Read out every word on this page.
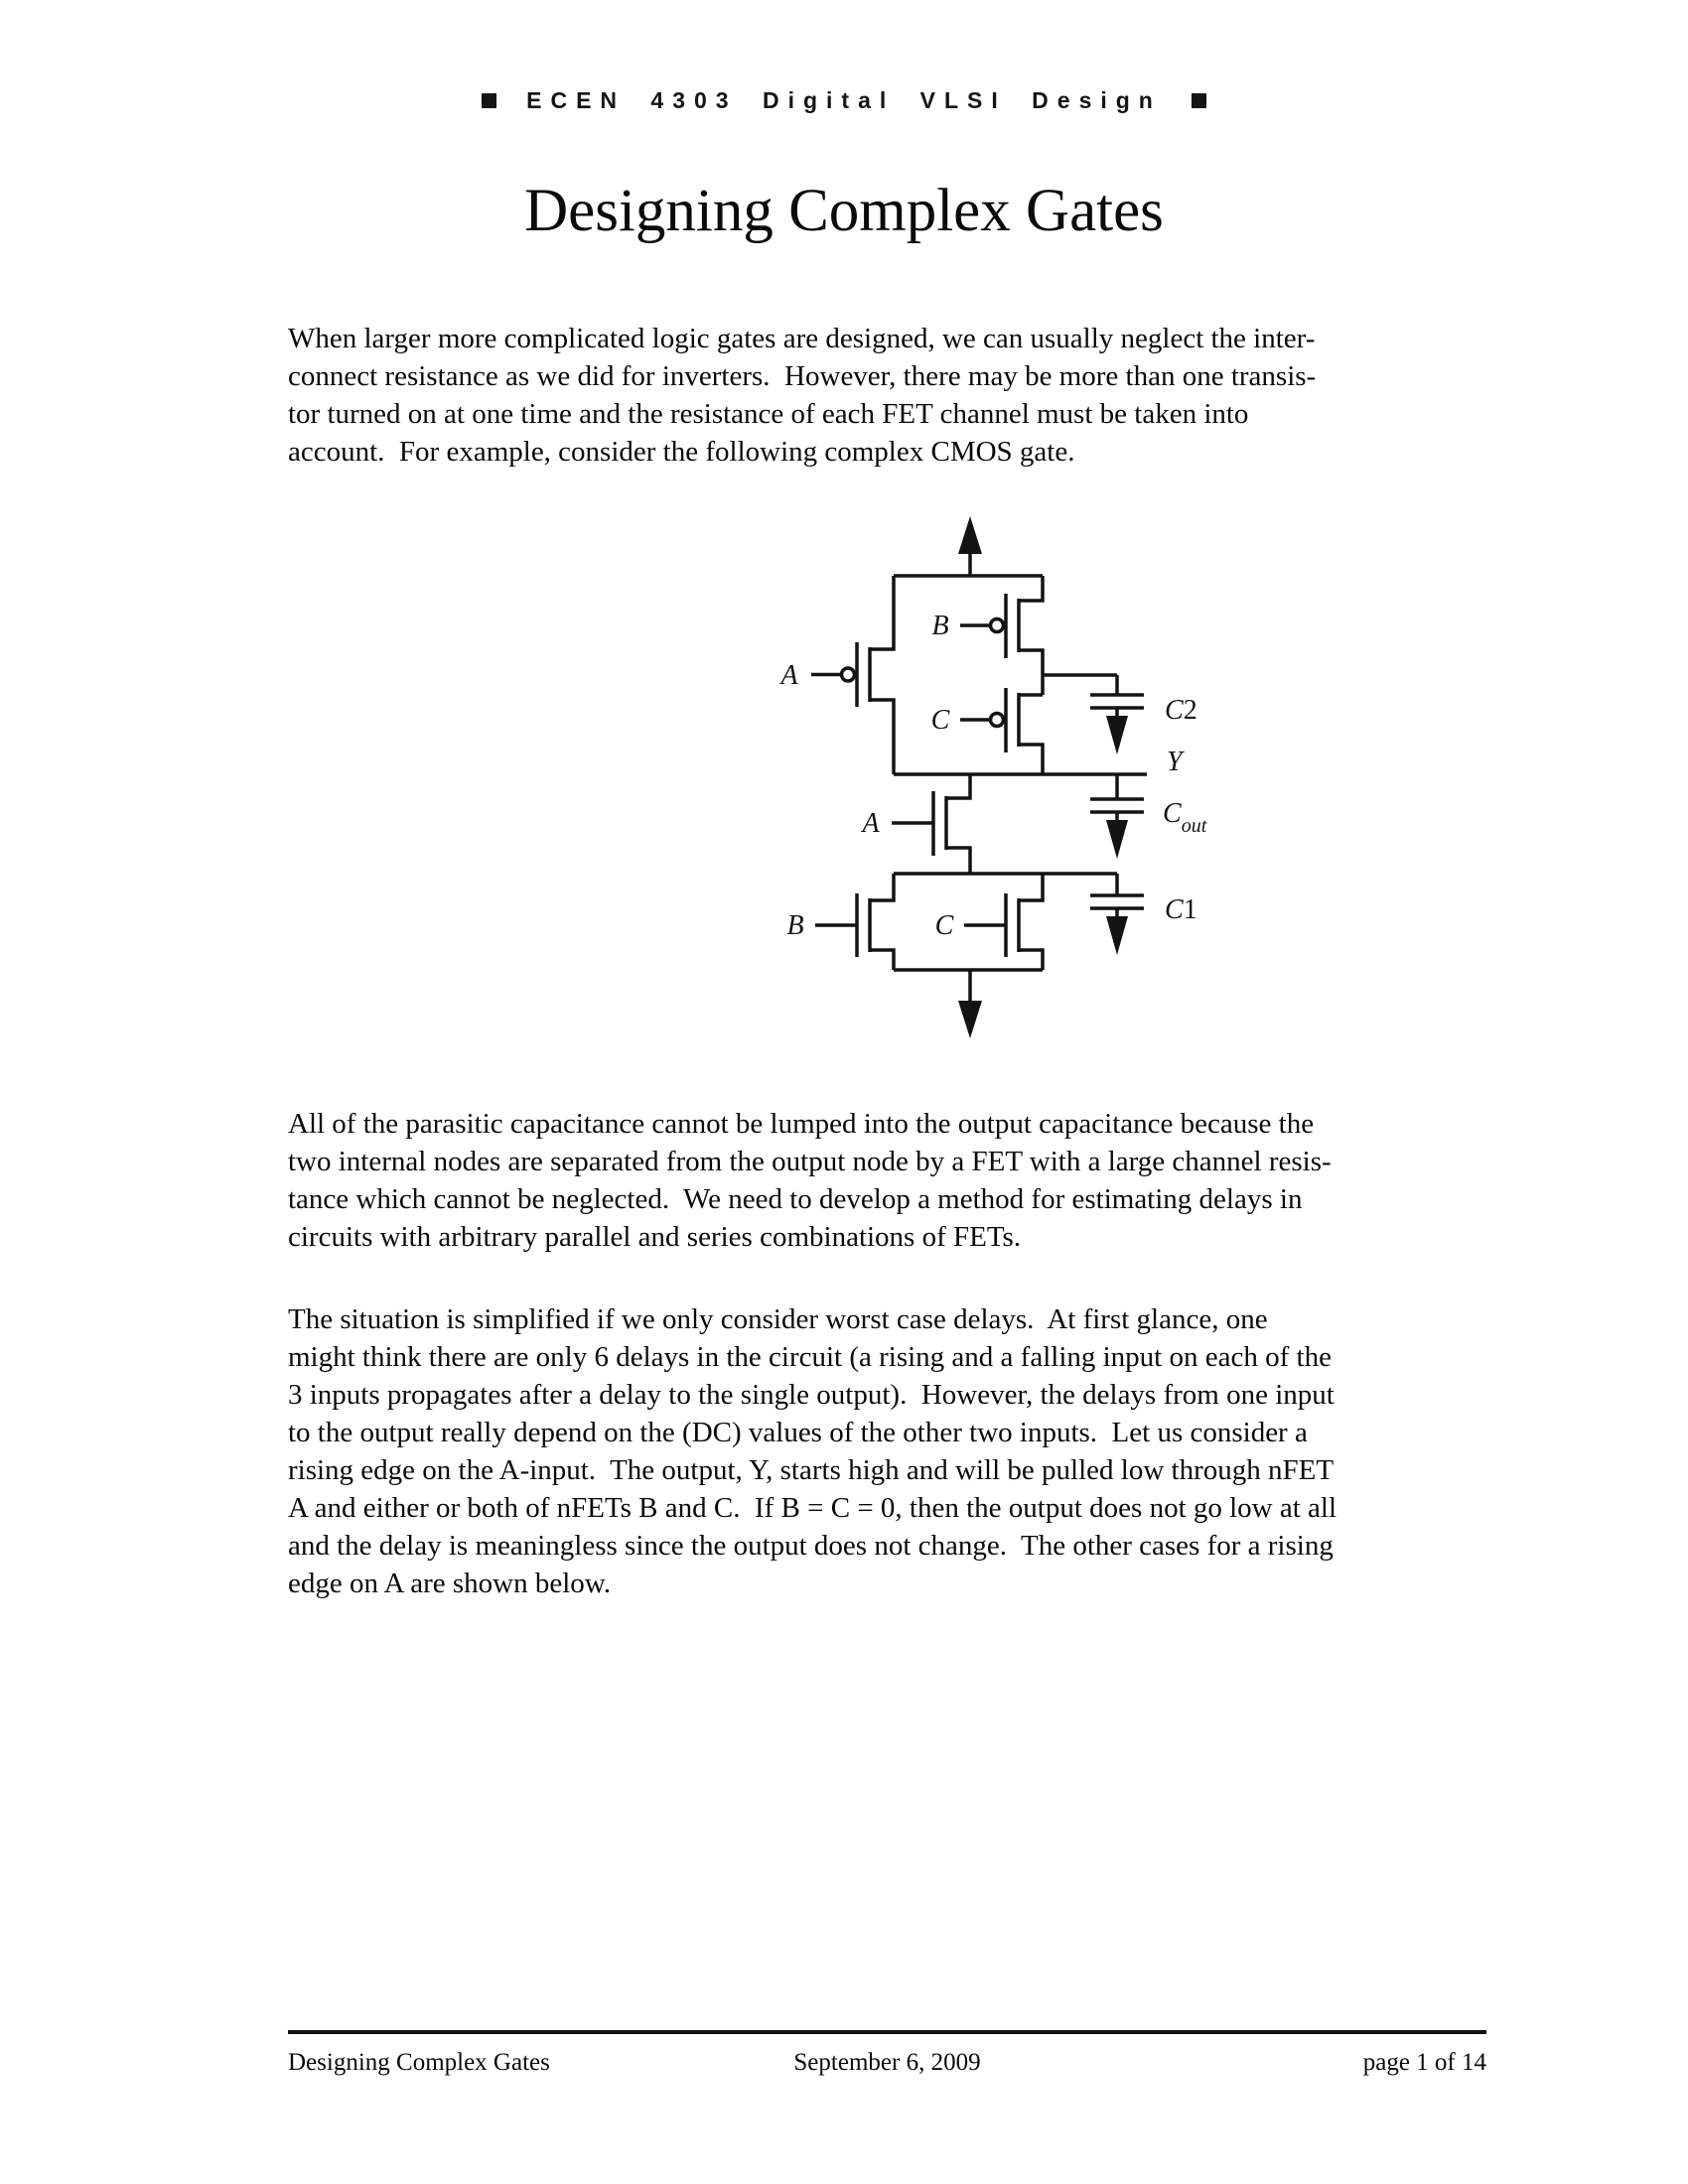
ECEN 4303 Digital VLSI Design
Designing Complex Gates
When larger more complicated logic gates are designed, we can usually neglect the inter-
connect resistance as we did for inverters.  However, there may be more than one transis-
tor turned on at one time and the resistance of each FET channel must be taken into
account.  For example, consider the following complex CMOS gate.
All of the parasitic capacitance cannot be lumped into the output capacitance because the
two internal nodes are separated from the output node by a FET with a large channel resis-
tance which cannot be neglected.  We need to develop a method for estimating delays in
circuits with arbitrary parallel and series combinations of FETs.
The situation is simplified if we only consider worst case delays.  At first glance, one
might think there are only 6 delays in the circuit (a rising and a falling input on each of the
3 inputs propagates after a delay to the single output).  However, the delays from one input
to the output really depend on the (DC) values of the other two inputs.  Let us consider a
rising edge on the A-input.  The output, Y, starts high and will be pulled low through nFET
A and either or both of nFETs B and C.  If B = C = 0, then the output does not go low at all
and the delay is meaningless since the output does not change.  The other cases for a rising
edge on A are shown below.
A
B
C	C2
Y
$C_{out}$
A
C1
B	C
September 6, 2009
Designing Complex Gates	page 1 of 14
